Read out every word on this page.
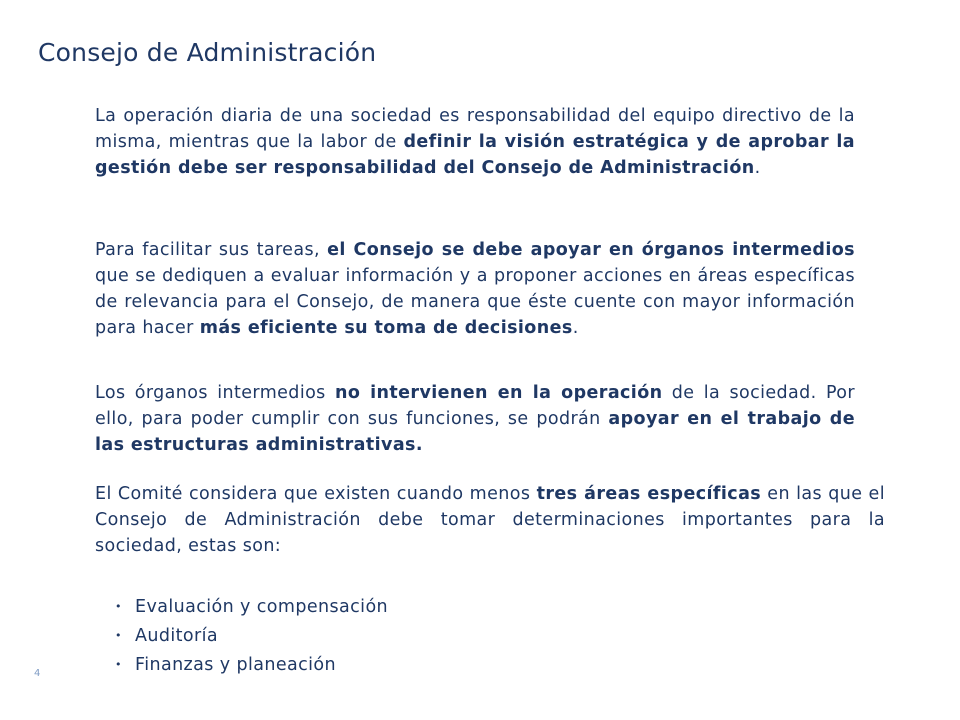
Consejo de Administración

La operación diaria de una sociedad es responsabilidad del equipo directivo de la misma, mientras que la labor de definir la visión estratégica y de aprobar la gestión debe ser responsabilidad del Consejo de Administración.

Para facilitar sus tareas, el Consejo se debe apoyar en órganos intermedios que se dediquen a evaluar información y a proponer acciones en áreas específicas de relevancia para el Consejo, de manera que éste cuente con mayor información para hacer más eficiente su toma de decisiones.

Los órganos intermedios no intervienen en la operación de la sociedad. Por ello, para poder cumplir con sus funciones, se podrán apoyar en el trabajo de las estructuras administrativas.

El Comité considera que existen cuando menos tres áreas específicas en las que el Consejo de Administración debe tomar determinaciones importantes para la sociedad, estas son:

• Evaluación y compensación
• Auditoría
• Finanzas y planeación
4
